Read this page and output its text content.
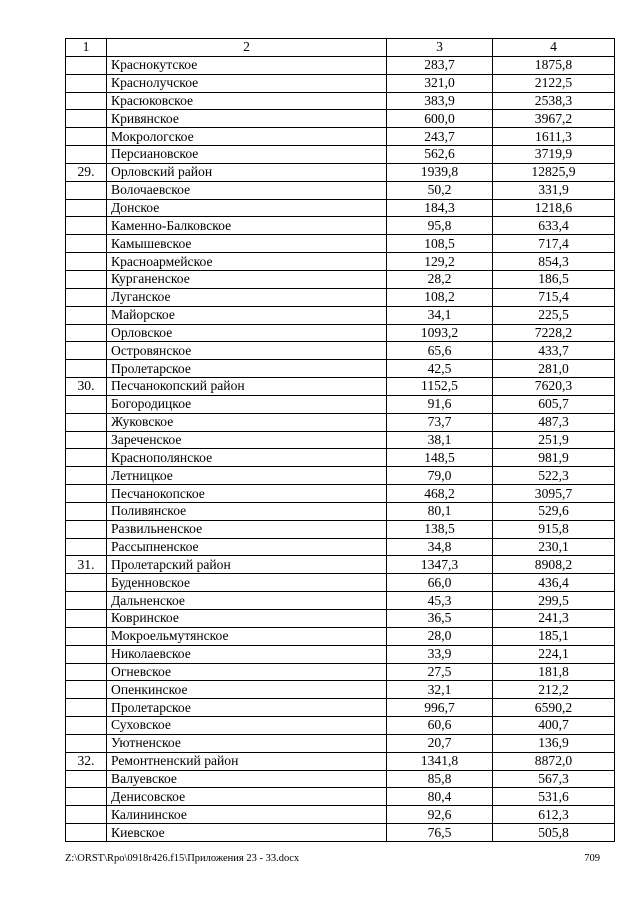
1	2	3	4
	Краснокутское	283,7	1875,8
	Краснолучское	321,0	2122,5
	Красюковское	383,9	2538,3
	Кривянское	600,0	3967,2
	Мокрологское	243,7	1611,3
	Персиановское	562,6	3719,9
29.	Орловский район	1939,8	12825,9
	Волочаевское	50,2	331,9
	Донское	184,3	1218,6
	Каменно-Балковское	95,8	633,4
	Камышевское	108,5	717,4
	Красноармейское	129,2	854,3
	Курганенское	28,2	186,5
	Луганское	108,2	715,4
	Майорское	34,1	225,5
	Орловское	1093,2	7228,2
	Островянское	65,6	433,7
	Пролетарское	42,5	281,0
30.	Песчанокопский район	1152,5	7620,3
	Богородицкое	91,6	605,7
	Жуковское	73,7	487,3
	Зареченское	38,1	251,9
	Краснополянское	148,5	981,9
	Летницкое	79,0	522,3
	Песчанокопское	468,2	3095,7
	Поливянское	80,1	529,6
	Развильненское	138,5	915,8
	Рассыпненское	34,8	230,1
31.	Пролетарский район	1347,3	8908,2
	Буденновское	66,0	436,4
	Дальненское	45,3	299,5
	Ковринское	36,5	241,3
	Мокроельмутянское	28,0	185,1
	Николаевское	33,9	224,1
	Огневское	27,5	181,8
	Опенкинское	32,1	212,2
	Пролетарское	996,7	6590,2
	Суховское	60,6	400,7
	Уютненское	20,7	136,9
32.	Ремонтненский район	1341,8	8872,0
	Валуевское	85,8	567,3
	Денисовское	80,4	531,6
	Калининское	92,6	612,3
	Киевское	76,5	505,8
Z:\ORST\Rpo\0918r426.f15\Приложения 23 - 33.docx	709
